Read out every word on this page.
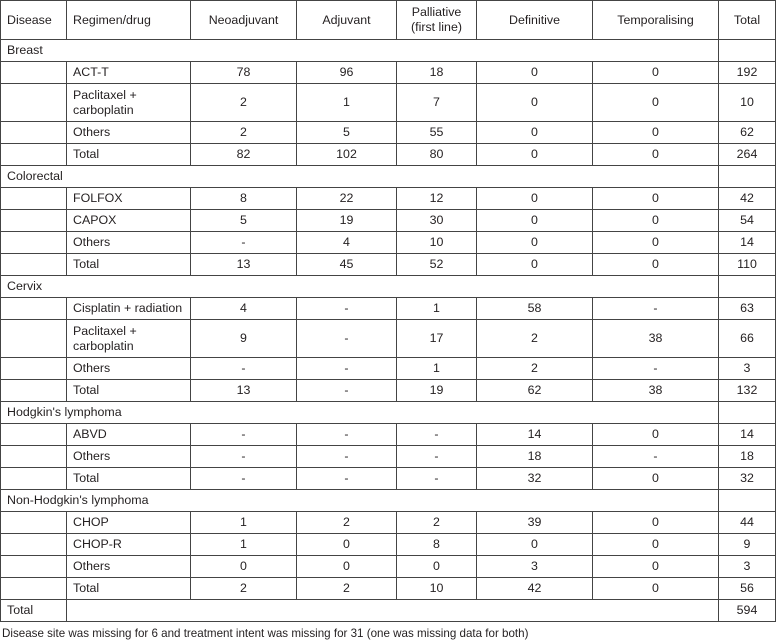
Disease	Regimen/drug	Neoadjuvant	Adjuvant	Palliative (first line)	Definitive	Temporalising	Total
Breast							
	ACT-T	78	96	18	0	0	192
	Paclitaxel + carboplatin	2	1	7	0	0	10
	Others	2	5	55	0	0	62
	Total	82	102	80	0	0	264
Colorectal							
	FOLFOX	8	22	12	0	0	42
	CAPOX	5	19	30	0	0	54
	Others	-	4	10	0	0	14
	Total	13	45	52	0	0	110
Cervix							
	Cisplatin + radiation	4	-	1	58	-	63
	Paclitaxel + carboplatin	9	-	17	2	38	66
	Others	-	-	1	2	-	3
	Total	13	-	19	62	38	132
Hodgkin's lymphoma							
	ABVD	-	-	-	14	0	14
	Others	-	-	-	18	-	18
	Total	-	-	-	32	0	32
Non-Hodgkin's lymphoma							
	CHOP	1	2	2	39	0	44
	CHOP-R	1	0	8	0	0	9
	Others	0	0	0	3	0	3
	Total	2	2	10	42	0	56
Total							594
Disease site was missing for 6 and treatment intent was missing for 31 (one was missing data for both)
